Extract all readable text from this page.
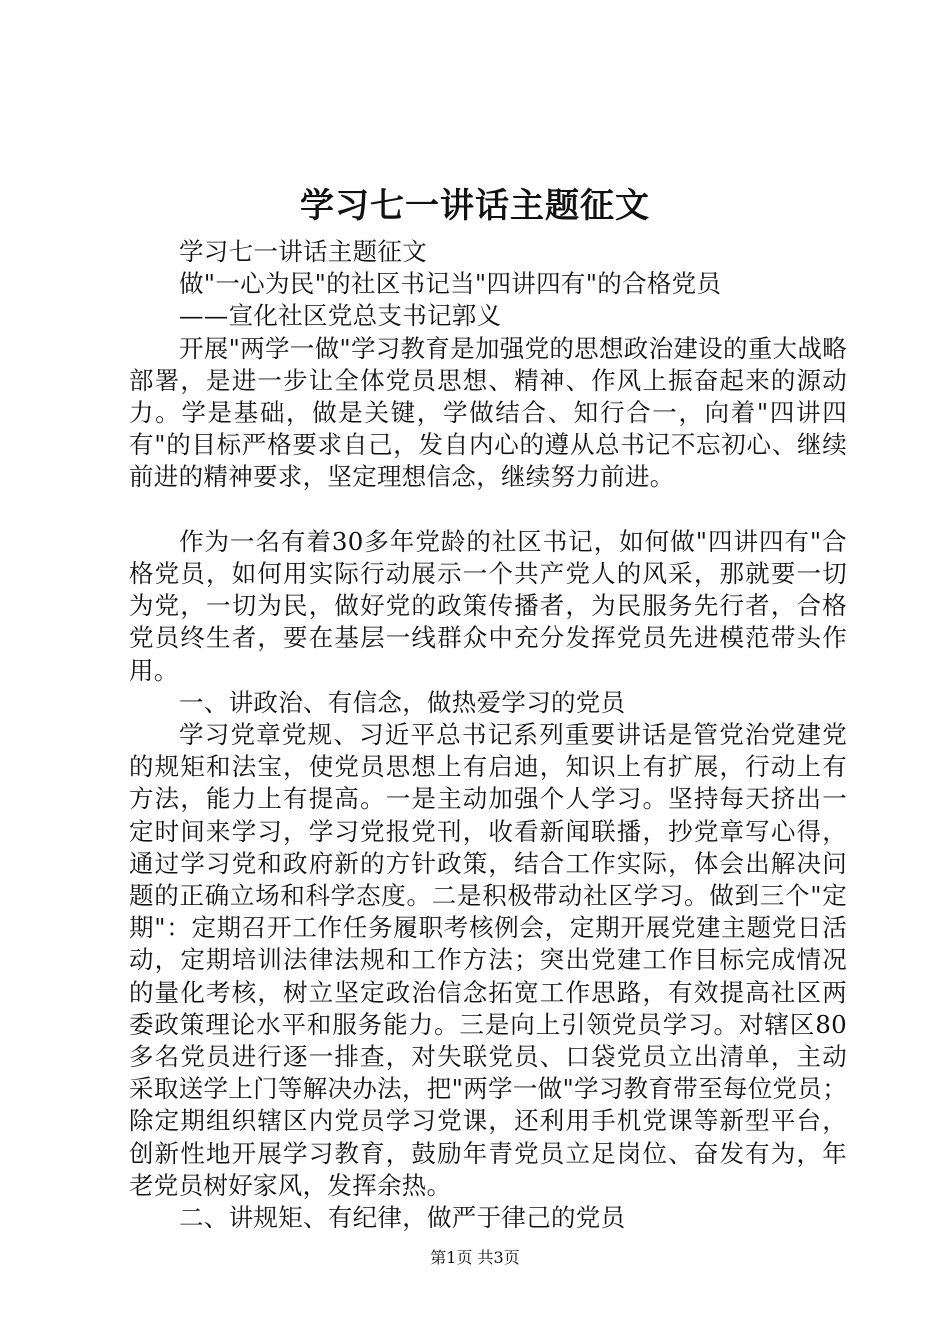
学习七一讲话主题征文
学习七一讲话主题征文
做"一心为民"的社区书记当"四讲四有"的合格党员
——宣化社区党总支书记郭义

开展"两学一做"学习教育是加强党的思想政治建设的重大战略部署，是进一步让全体党员思想、精神、作风上振奋起来的源动力。学是基础，做是关键，学做结合、知行合一，向着"四讲四有"的目标严格要求自己，发自内心的遵从总书记不忘初心、继续前进的精神要求，坚定理想信念，继续努力前进。

作为一名有着30多年党龄的社区书记，如何做"四讲四有"合格党员，如何用实际行动展示一个共产党人的风采，那就要一切为党，一切为民，做好党的政策传播者，为民服务先行者，合格党员终生者，要在基层一线群众中充分发挥党员先进模范带头作用。

一、讲政治、有信念，做热爱学习的党员

学习党章党规、习近平总书记系列重要讲话是管党治党建党的规矩和法宝，使党员思想上有启迪，知识上有扩展，行动上有方法，能力上有提高。一是主动加强个人学习。坚持每天挤出一定时间来学习，学习党报党刊，收看新闻联播，抄党章写心得，通过学习党和政府新的方针政策，结合工作实际，体会出解决问题的正确立场和科学态度。二是积极带动社区学习。做到三个"定期"：定期召开工作任务履职考核例会，定期开展党建主题党日活动，定期培训法律法规和工作方法；突出党建工作目标完成情况的量化考核，树立坚定政治信念拓宽工作思路，有效提高社区两委政策理论水平和服务能力。三是向上引领党员学习。对辖区80多名党员进行逐一排查，对失联党员、口袋党员立出清单，主动采取送学上门等解决办法，把"两学一做"学习教育带至每位党员；除定期组织辖区内党员学习党课，还利用手机党课等新型平台，创新性地开展学习教育，鼓励年青党员立足岗位、奋发有为，年老党员树好家风，发挥余热。

二、讲规矩、有纪律，做严于律己的党员
第1页 共3页
